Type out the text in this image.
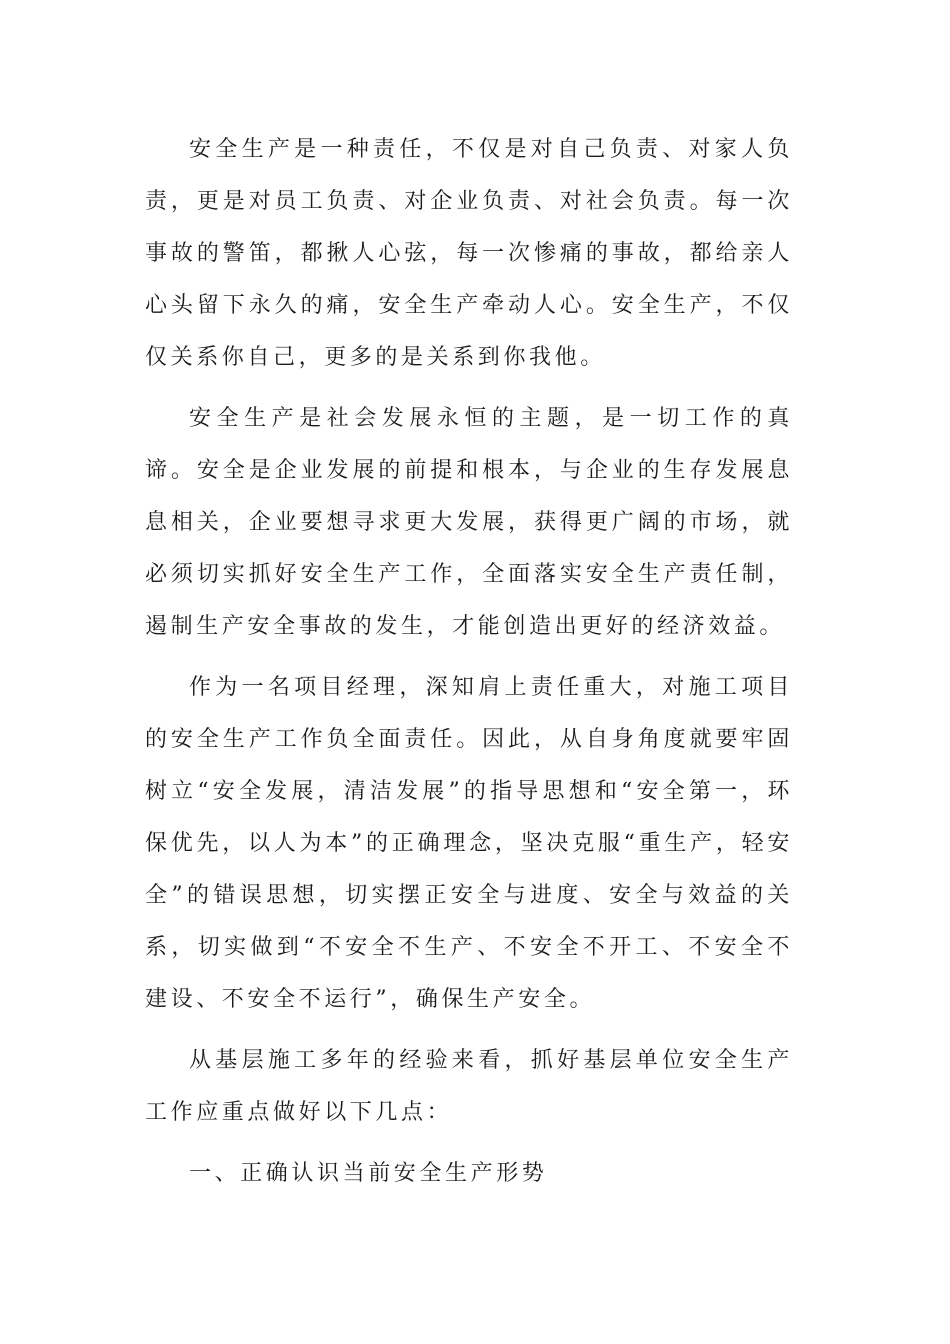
安全生产是一种责任，不仅是对自己负责、对家人负责，更是对员工负责、对企业负责、对社会负责。每一次事故的警笛，都揪人心弦，每一次惨痛的事故，都给亲人心头留下永久的痛，安全生产牵动人心。安全生产，不仅仅关系你自己，更多的是关系到你我他。

安全生产是社会发展永恒的主题，是一切工作的真谛。安全是企业发展的前提和根本，与企业的生存发展息息相关，企业要想寻求更大发展，获得更广阔的市场，就必须切实抓好安全生产工作，全面落实安全生产责任制，遏制生产安全事故的发生，才能创造出更好的经济效益。

作为一名项目经理，深知肩上责任重大，对施工项目的安全生产工作负全面责任。因此，从自身角度就要牢固树立“安全发展，清洁发展”的指导思想和“安全第一，环保优先，以人为本”的正确理念，坚决克服“重生产，轻安全”的错误思想，切实摆正安全与进度、安全与效益的关系，切实做到“不安全不生产、不安全不开工、不安全不建设、不安全不运行”，确保生产安全。

从基层施工多年的经验来看，抓好基层单位安全生产工作应重点做好以下几点：

一、正确认识当前安全生产形势
